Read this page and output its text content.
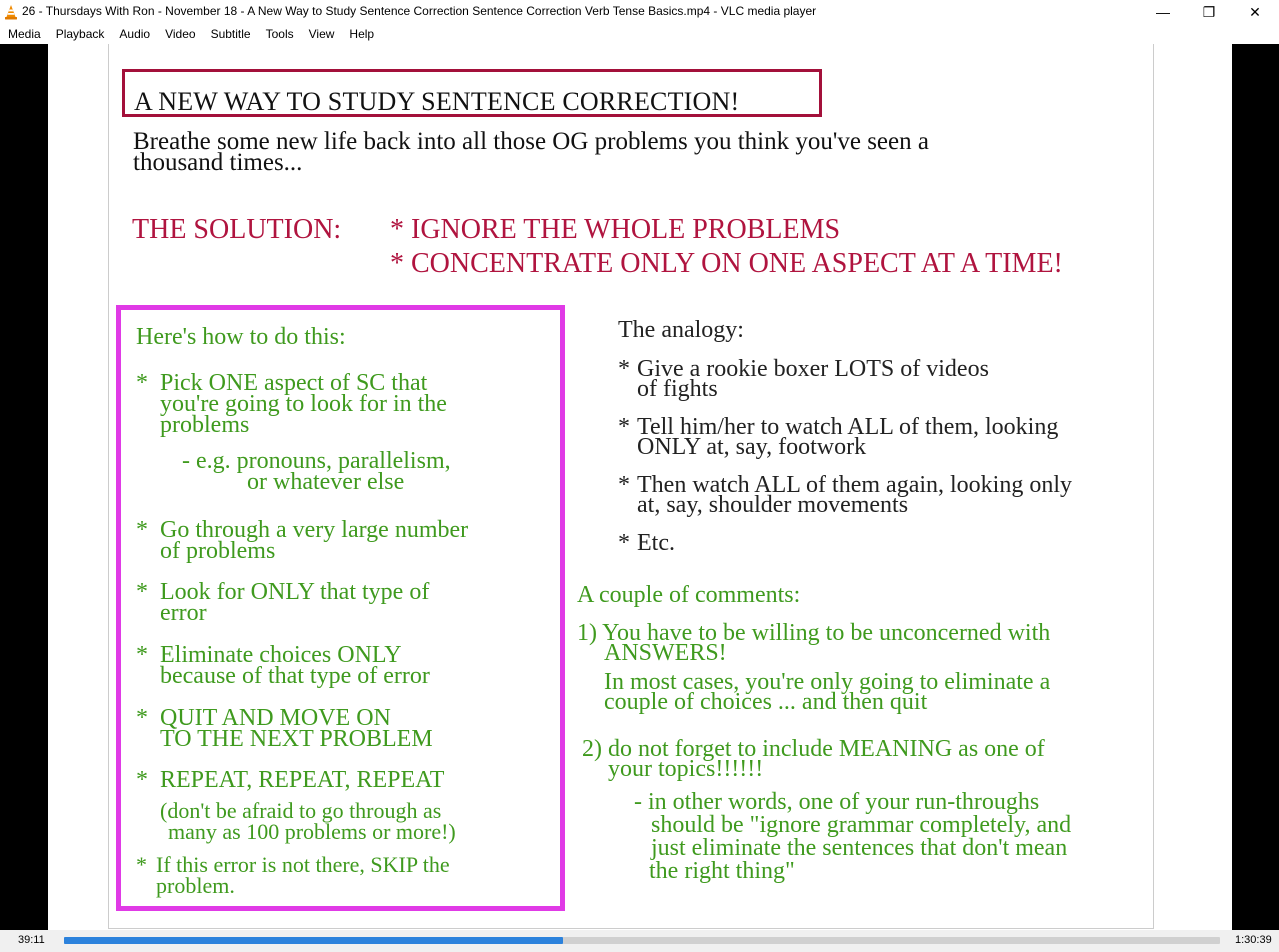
26 - Thursdays With Ron - November 18 - A New Way to Study Sentence Correction Sentence Correction Verb Tense Basics.mp4 - VLC media player	—	❐	✕
Media	Playback	Audio	Video	Subtitle	Tools	View	Help
A NEW WAY TO STUDY SENTENCE CORRECTION!
Breathe some new life back into all those OG problems you think you've seen a
thousand times...
THE SOLUTION: * IGNORE THE WHOLE PROBLEMS
* CONCENTRATE ONLY ON ONE ASPECT AT A TIME!
Here's how to do this:
* Pick ONE aspect of SC that
you're going to look for in the
problems
- e.g. pronouns, parallelism,
or whatever else
* Go through a very large number
of problems
* Look for ONLY that type of
error
* Eliminate choices ONLY
because of that type of error
* QUIT AND MOVE ON
TO THE NEXT PROBLEM
* REPEAT, REPEAT, REPEAT
(don't be afraid to go through as
many as 100 problems or more!)
* If this error is not there, SKIP the
problem.
The analogy:
* Give a rookie boxer LOTS of videos
of fights
* Tell him/her to watch ALL of them, looking
ONLY at, say, footwork
* Then watch ALL of them again, looking only
at, say, shoulder movements
* Etc.
A couple of comments:
1) You have to be willing to be unconcerned with
ANSWERS!
In most cases, you're only going to eliminate a
couple of choices ... and then quit
2) do not forget to include MEANING as one of
your topics!!!!!!
- in other words, one of your run-throughs
should be "ignore grammar completely, and
just eliminate the sentences that don't mean
the right thing"
39:11	1:30:39
